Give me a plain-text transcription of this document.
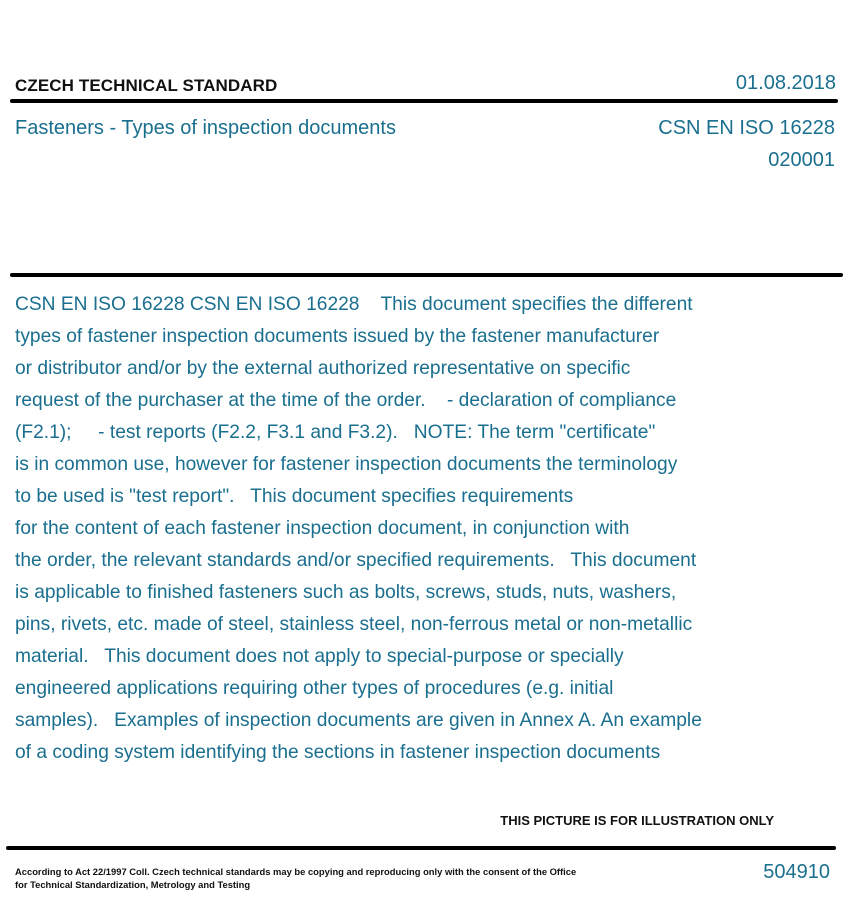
CZECH TECHNICAL STANDARD	01.08.2018
Fasteners - Types of inspection documents	CSN EN ISO 16228
020001
CSN EN ISO 16228 CSN EN ISO 16228    This document specifies the different
types of fastener inspection documents issued by the fastener manufacturer
or distributor and/or by the external authorized representative on specific
request of the purchaser at the time of the order.    - declaration of compliance
(F2.1);     - test reports (F2.2, F3.1 and F3.2).   NOTE: The term "certificate"
is in common use, however for fastener inspection documents the terminology
to be used is "test report".   This document specifies requirements
for the content of each fastener inspection document, in conjunction with
the order, the relevant standards and/or specified requirements.   This document
is applicable to finished fasteners such as bolts, screws, studs, nuts, washers,
pins, rivets, etc. made of steel, stainless steel, non-ferrous metal or non-metallic
material.   This document does not apply to special-purpose or specially
engineered applications requiring other types of procedures (e.g. initial
samples).   Examples of inspection documents are given in Annex A. An example
of a coding system identifying the sections in fastener inspection documents
THIS PICTURE IS FOR ILLUSTRATION ONLY
According to Act 22/1997 Coll. Czech technical standards may be copying and reproducing only with the consent of the Office
for Technical Standardization, Metrology and Testing
504910
